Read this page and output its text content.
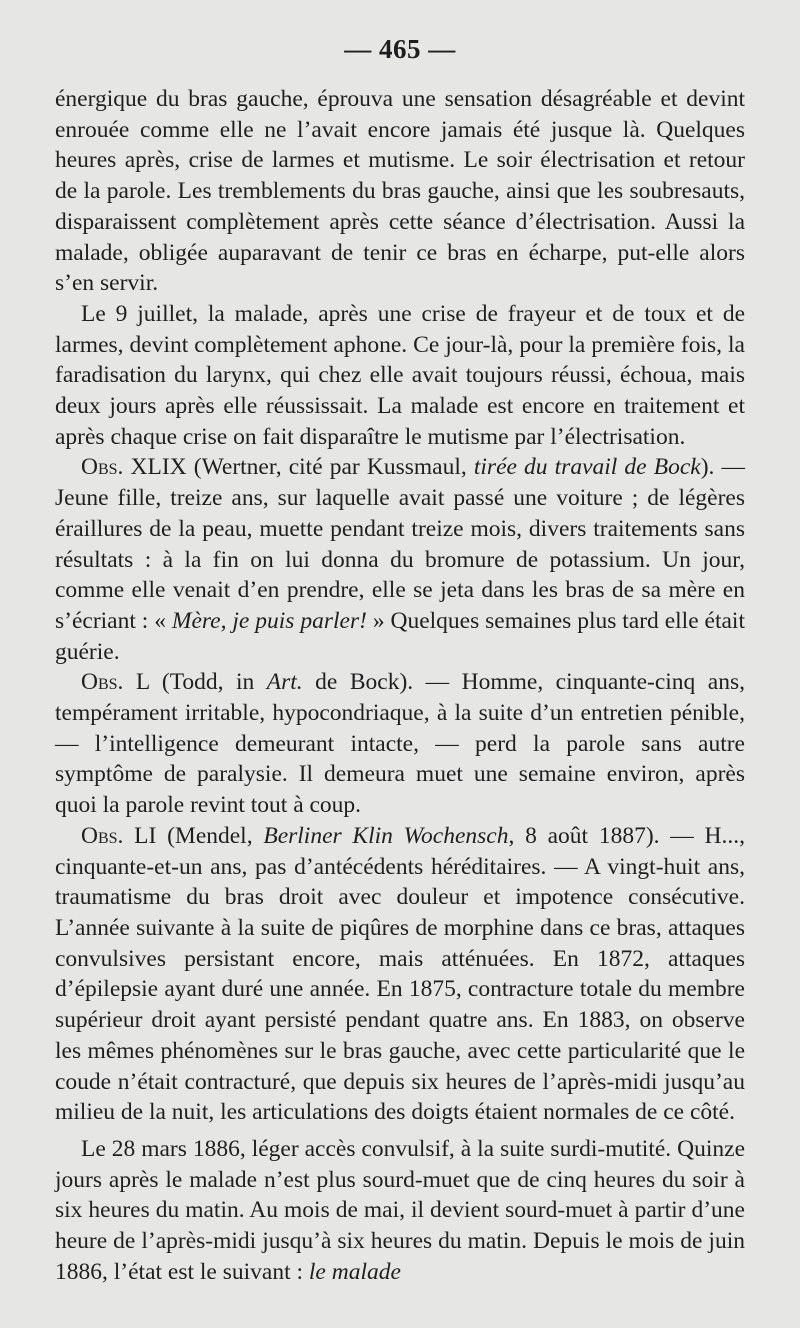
— 465 —

énergique du bras gauche, éprouva une sensation désagréable et devint enrouée comme elle ne l’avait encore jamais été jusque là. Quelques heures après, crise de larmes et mutisme. Le soir électrisation et retour de la parole. Les tremblements du bras gauche, ainsi que les soubresauts, disparaissent complètement après cette séance d’électrisation. Aussi la malade, obligée auparavant de tenir ce bras en écharpe, put-elle alors s’en servir.

Le 9 juillet, la malade, après une crise de frayeur et de toux et de larmes, devint complètement aphone. Ce jour-là, pour la première fois, la faradisation du larynx, qui chez elle avait toujours réussi, échoua, mais deux jours après elle réussissait. La malade est encore en traitement et après chaque crise on fait disparaître le mutisme par l’électrisation.

Obs. XLIX (Wertner, cité par Kussmaul, tirée du travail de Bock). — Jeune fille, treize ans, sur laquelle avait passé une voiture ; de légères éraillures de la peau, muette pendant treize mois, divers traitements sans résultats : à la fin on lui donna du bromure de potassium. Un jour, comme elle venait d’en prendre, elle se jeta dans les bras de sa mère en s’écriant : « Mère, je puis parler! » Quelques semaines plus tard elle était guérie.

Obs. L (Todd, in Art. de Bock). — Homme, cinquante-cinq ans, tempérament irritable, hypocondriaque, à la suite d’un entretien pénible, — l’intelligence demeurant intacte, — perd la parole sans autre symptôme de paralysie. Il demeura muet une semaine environ, après quoi la parole revint tout à coup.

Obs. LI (Mendel, Berliner Klin Wochensch, 8 août 1887). — H..., cinquante-et-un ans, pas d’antécédents héréditaires. — A vingt-huit ans, traumatisme du bras droit avec douleur et impotence consécutive. L’année suivante à la suite de piqûres de morphine dans ce bras, attaques convulsives persistant encore, mais atténuées. En 1872, attaques d’épilepsie ayant duré une année. En 1875, contracture totale du membre supérieur droit ayant persisté pendant quatre ans. En 1883, on observe les mêmes phénomènes sur le bras gauche, avec cette particularité que le coude n’était contracturé, que depuis six heures de l’après-midi jusqu’au milieu de la nuit, les articulations des doigts étaient normales de ce côté.

Le 28 mars 1886, léger accès convulsif, à la suite surdi-mutité. Quinze jours après le malade n’est plus sourd-muet que de cinq heures du soir à six heures du matin. Au mois de mai, il devient sourd-muet à partir d’une heure de l’après-midi jusqu’à six heures du matin. Depuis le mois de juin 1886, l’état est le suivant : le malade
